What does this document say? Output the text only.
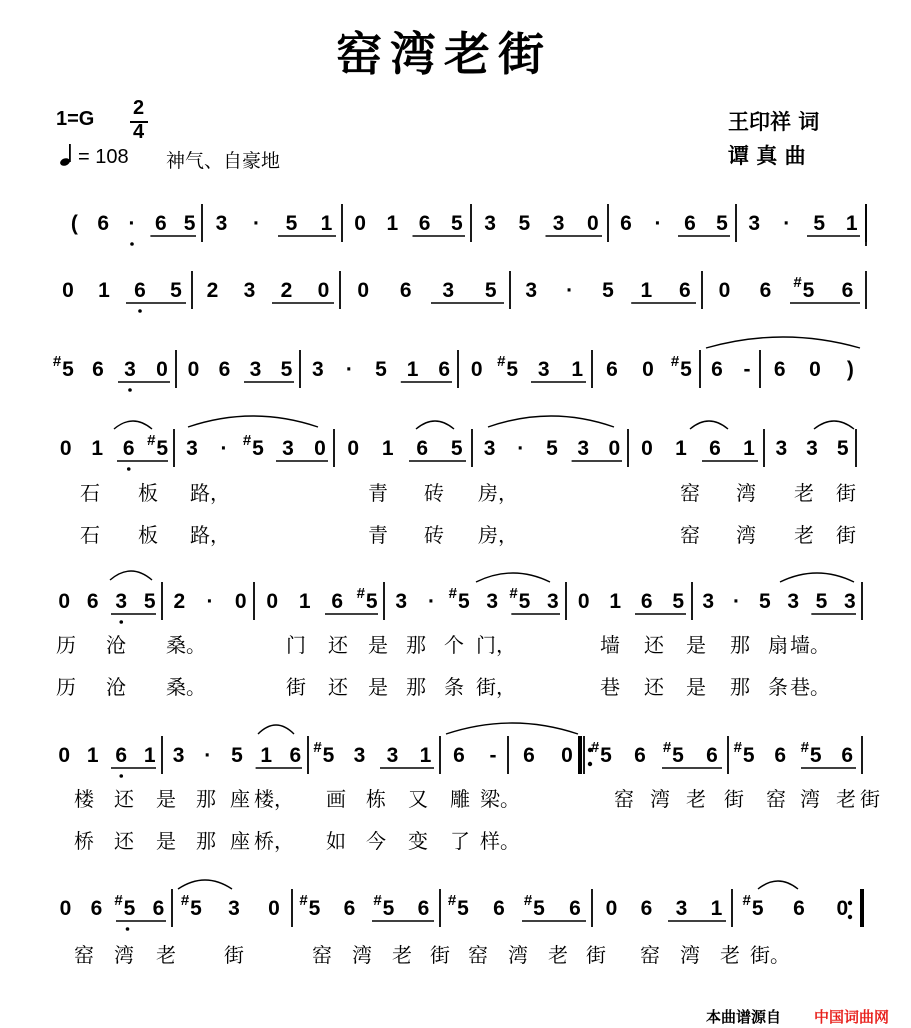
窑湾老街
1=G 2
4
= 108 神气、自豪地
王印祥 词
谭 真 曲
( 6 · 6 5 3 · 5 1 0 1 6 5 3 5 3 0 6 · 6 5 3 · 5 1
0 1 6 5 2 3 2 0 0 6 3 5 3 · 5 1 6 0 6 # 5 6
# 5 6 3 0 0 6 3 5 3 · 5 1 6 0 # 5 3 1 6 0 # 5 6 - 6 0 )
0 1 6 # 5 3 · # 5 3 0 0 1 6 5 3 · 5 3 0 0 1 6 1 3 3 5
石 板 路，	青 砖 房，	窑 湾 老 街
石 板 路，	青 砖 房，	窑 湾 老 街
0 6 3 5 2 · 0 0 1 6 # 5 3 · # 5 3 # 5 3 0 1 6 5 3 · 5 3 5 3
历 沧 桑。	门 还 是 那 个 门，	墙 还 是 那 扇 墙。
历 沧 桑。	街 还 是 那 条 街，	巷 还 是 那 条 巷。
0 1 6 1 3 · 5 1 6 # 5 3 3 1 6 - 6 0 # 5 6 # 5 6 # 5 6 # 5 6
楼 还 是 那 座 楼， 画 栋 又 雕 梁。	窑 湾 老 街 窑 湾 老 街
桥 还 是 那 座 桥， 如 今 变 了 样。
0 6 # 5 6 # 5 3 0 # 5 6 # 5 6 # 5 6 # 5 6 0 6 3 1 # 5 6 0
窑 湾 老 街	窑 湾 老 街 窑 湾 老 街 窑 湾 老 街。
本曲谱源自 中国词曲网
